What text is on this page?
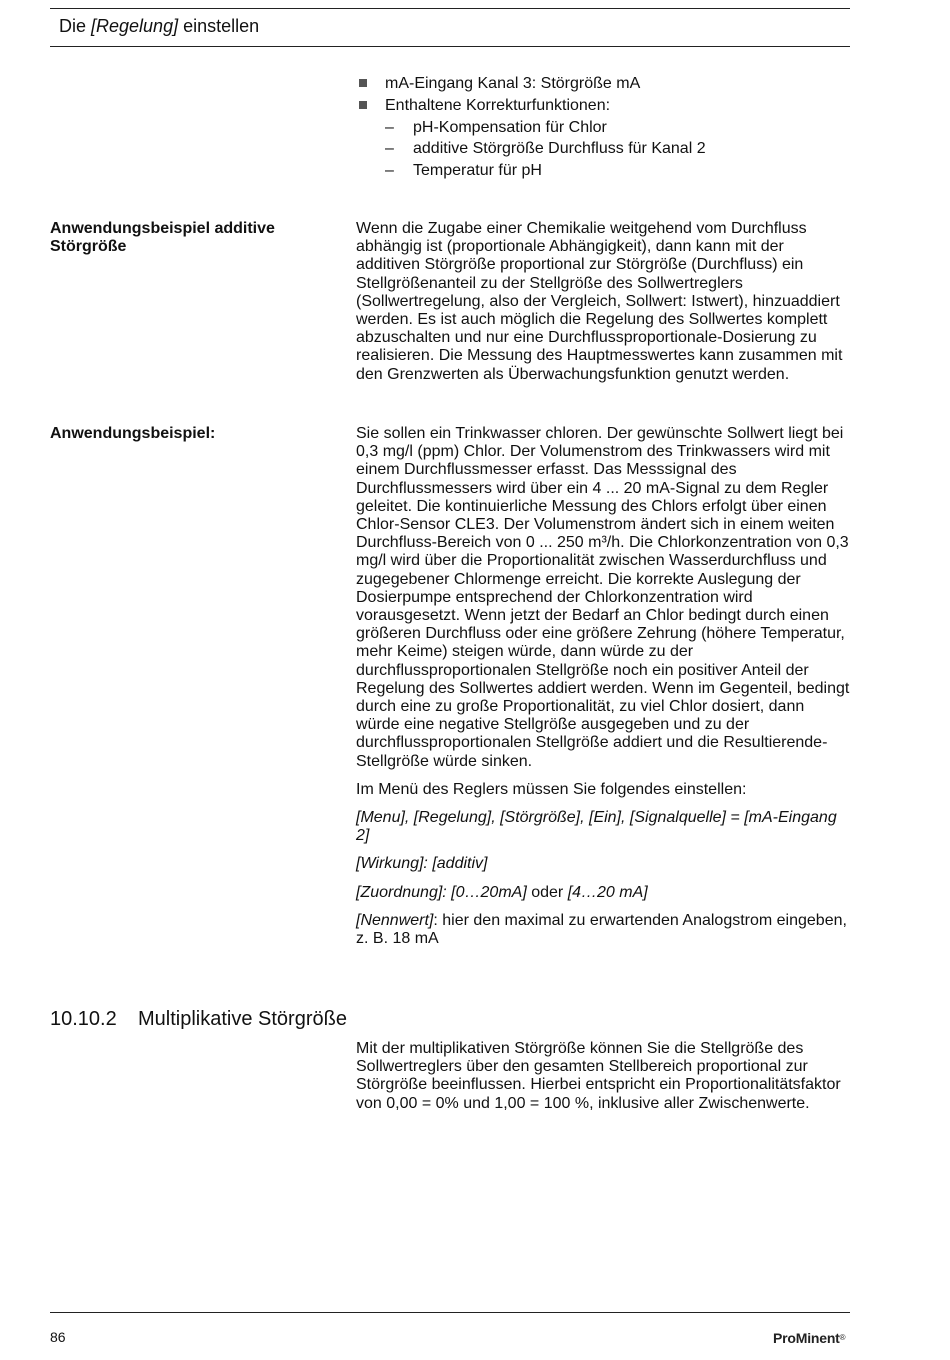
Die [Regelung] einstellen
mA-Eingang Kanal 3: Störgröße mA
Enthaltene Korrekturfunktionen:
–	pH-Kompensation für Chlor
–	additive Störgröße Durchfluss für Kanal 2
–	Temperatur für pH
Anwendungsbeispiel additive Störgröße

Wenn die Zugabe einer Chemikalie weitgehend vom Durchfluss abhängig ist (proportionale Abhängigkeit), dann kann mit der additiven Störgröße proportional zur Störgröße (Durchfluss) ein Stellgrößenanteil zu der Stellgröße des Sollwertreglers (Sollwertregelung, also der Vergleich, Sollwert: Istwert), hinzuaddiert werden. Es ist auch möglich die Regelung des Sollwertes komplett abzuschalten und nur eine Durchflussproportionale-Dosierung zu realisieren. Die Messung des Hauptmesswertes kann zusammen mit den Grenzwerten als Überwachungsfunktion genutzt werden.

Anwendungsbeispiel:	Sie sollen ein Trinkwasser chloren. Der gewünschte Sollwert liegt bei 0,3 mg/l (ppm) Chlor. Der Volumenstrom des Trinkwassers wird mit einem Durchflussmesser erfasst. Das Messsignal des Durchflussmessers wird über ein 4 ... 20 mA-Signal zu dem Regler geleitet. Die kontinuierliche Messung des Chlors erfolgt über einen Chlor-Sensor CLE3. Der Volumenstrom ändert sich in einem weiten Durchfluss-Bereich von 0 ... 250 m³/h. Die Chlorkonzentration von 0,3 mg/l wird über die Proportionalität zwischen Wasserdurchfluss und zugegebener Chlormenge erreicht. Die korrekte Auslegung der Dosierpumpe entsprechend der Chlorkonzentration wird vorausgesetzt. Wenn jetzt der Bedarf an Chlor bedingt durch einen größeren Durchfluss oder eine größere Zehrung (höhere Temperatur, mehr Keime) steigen würde, dann würde zu der durchflussproportionalen Stellgröße noch ein positiver Anteil der Regelung des Sollwertes addiert werden. Wenn im Gegenteil, bedingt durch eine zu große Proportionalität, zu viel Chlor dosiert, dann würde eine negative Stellgröße ausgegeben und zu der durchflussproportionalen Stellgröße addiert und die Resultierende-Stellgröße würde sinken.

Im Menü des Reglers müssen Sie folgendes einstellen:

[Menu], [Regelung], [Störgröße], [Ein], [Signalquelle] = [mA-Eingang 2]

[Wirkung]: [additiv]

[Zuordnung]: [0…20mA] oder [4…20 mA]

[Nennwert]: hier den maximal zu erwartenden Analogstrom eingeben, z. B. 18 mA

10.10.2 Multiplikative Störgröße

Mit der multiplikativen Störgröße können Sie die Stellgröße des Sollwertreglers über den gesamten Stellbereich proportional zur Störgröße beeinflussen. Hierbei entspricht ein Proportionalitätsfaktor von 0,00 = 0% und 1,00 = 100 %, inklusive aller Zwischenwerte.

86	ProMinent®
